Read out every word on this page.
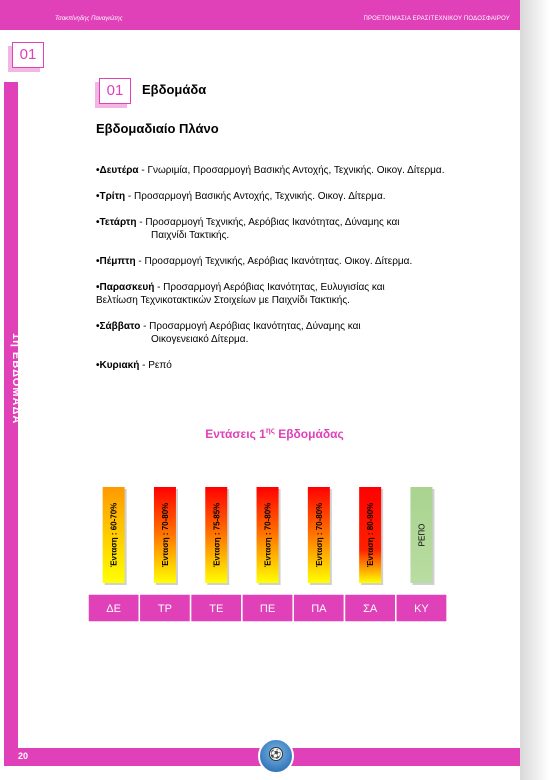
Τσακπίνηδης Παναγιώτης	ΠΡΟΕΤΟΙΜΑΣΙΑ ΕΡΑΣΙΤΕΧΝΙΚΟΥ ΠΟΔΟΣΦΑΙΡΟΥ
01
1η ΕΒΔΟΜΑΔΑ
01	Εβδομάδα
Εβδομαδιαίο Πλάνο
•Δευτέρα - Γνωριμία, Προσαρμογή Βασικής Αντοχής, Τεχνικής. Οικογ. Δίτερμα.
•Τρίτη - Προσαρμογή Βασικής Αντοχής, Τεχνικής. Οικογ. Δίτερμα.
•Τετάρτη - Προσαρμογή Τεχνικής, Αερόβιας Ικανότητας, Δύναμης και
Παιχνίδι Τακτικής.
•Πέμπτη - Προσαρμογή Τεχνικής, Αερόβιας Ικανότητας. Οικογ. Δίτερμα.
•Παρασκευή - Προσαρμογή Αερόβιας Ικανότητας, Ευλυγισίας και
Βελτίωση Τεχνικοτακτικών Στοιχείων με Παιχνίδι Τακτικής.
•Σάββατο - Προσαρμογή Αερόβιας Ικανότητας, Δύναμης και
Οικογενειακό Δίτερμα.
•Κυριακή - Ρεπό
Εντάσεις $1^{\eta\varsigma}$ Εβδομάδας
ΔΕ
Ένταση : 60-70%
ΤΡ
Ένταση : 70-80%
ΤΕ
Ένταση : 75-85%
ΠΕ
Ένταση : 70-80%
ΠΑ
Ένταση : 70-80%
ΣΑ
Ένταση : 80-90%
ΚΥ
ΡΕΠΟ
20	⚽
